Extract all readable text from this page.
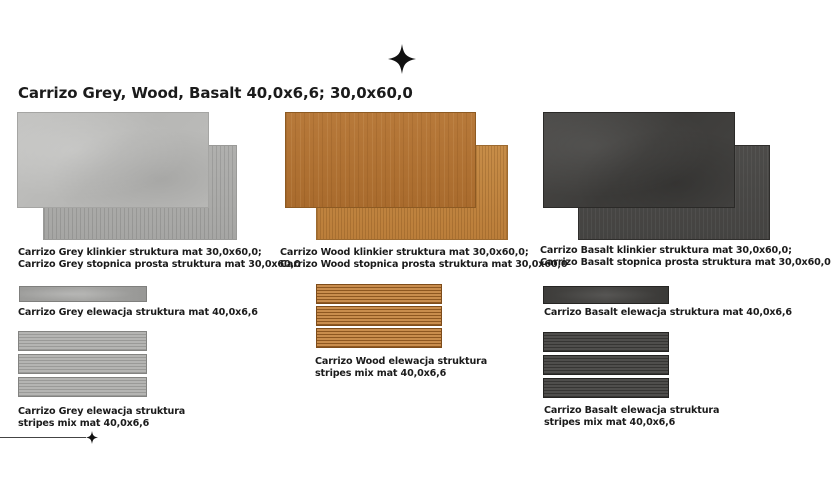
Carrizo Grey, Wood, Basalt 40,0x6,6; 30,0x60,0
Carrizo Grey klinkier struktura mat 30,0x60,0;
Carrizo Grey stopnica prosta struktura mat 30,0x60,0
Carrizo Grey elewacja struktura mat 40,0x6,6
Carrizo Grey elewacja struktura
stripes mix mat 40,0x6,6
Carrizo Wood klinkier struktura mat 30,0x60,0;
Carrizo Wood stopnica prosta struktura mat 30,0x60,0
Carrizo Wood elewacja struktura
stripes mix mat 40,0x6,6
Carrizo Basalt klinkier struktura mat 30,0x60,0;
Carrizo Basalt stopnica prosta struktura mat 30,0x60,0
Carrizo Basalt elewacja struktura mat 40,0x6,6
Carrizo Basalt elewacja struktura
stripes mix mat 40,0x6,6
